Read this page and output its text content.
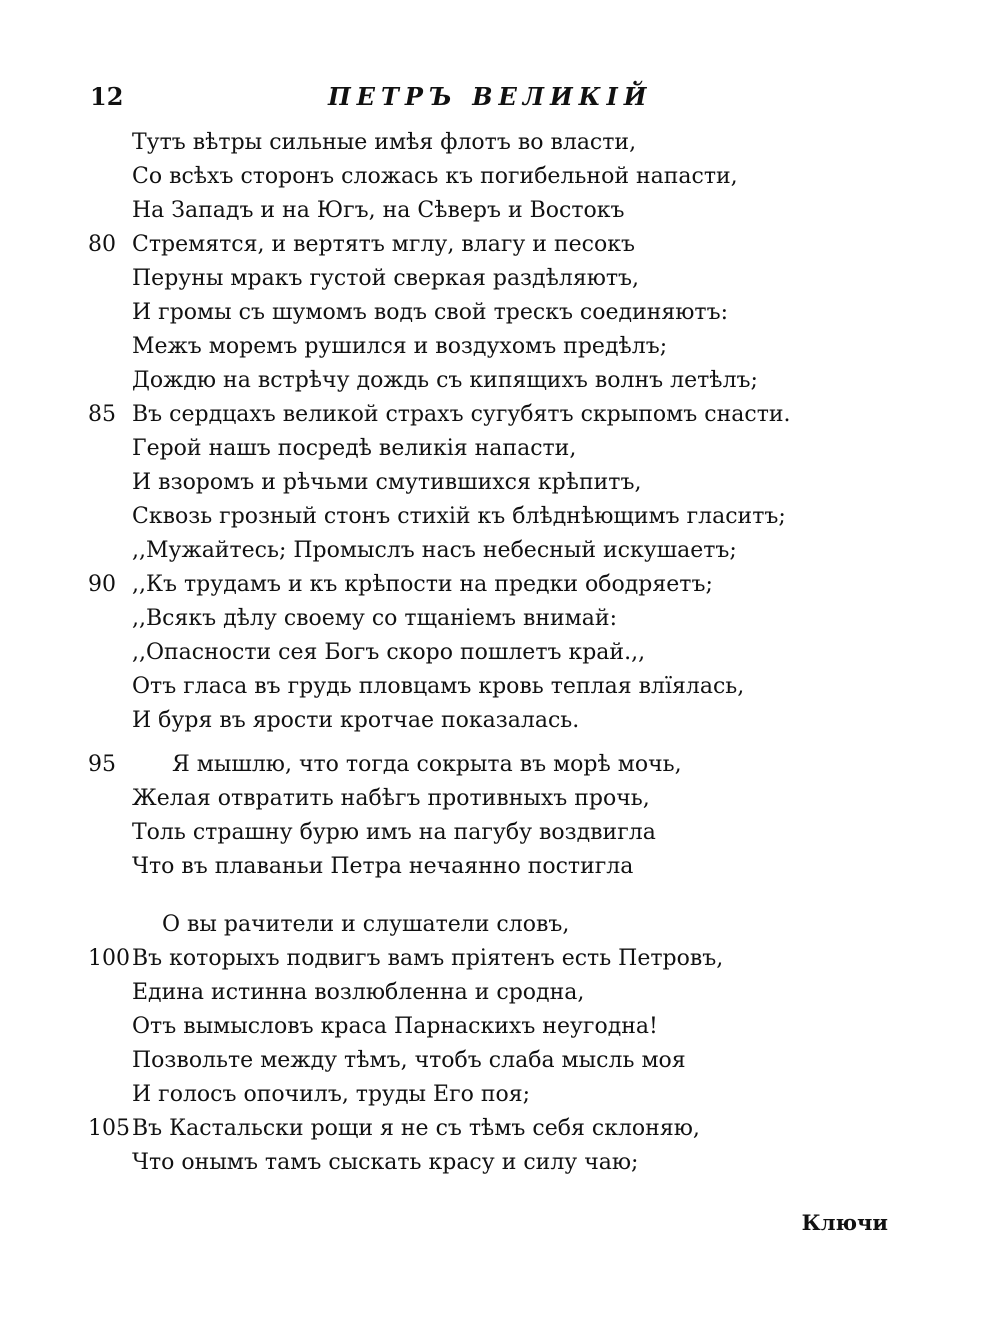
12	ПЕТРЪ ВЕЛИКІЙ
Тутъ вѣтры сильные имѣя флотъ во власти,
Со всѣхъ сторонъ сложась къ погибельной напасти,
На Западъ и на Югъ, на Сѣверъ и Востокъ
80 Стремятся, и вертятъ мглу, влагу и песокъ
Перуны мракъ густой сверкая раздѣляютъ,
И громы съ шумомъ водъ свой трескъ соединяютъ:
Межъ моремъ рушился и воздухомъ предѣлъ;
Дождю на встрѣчу дождь съ кипящихъ волнъ летѣлъ;
85 Въ сердцахъ великой страхъ сугубятъ скрыпомъ снасти.
Герой нашъ посредѣ великія напасти,
И взоромъ и рѣчьми смутившихся крѣпитъ,
Сквозь грозный стонъ стихій къ блѣднѣющимъ гласитъ;
,,Мужайтесь; Промыслъ насъ небесный искушаетъ;
90 ,,Къ трудамъ и къ крѣпости на предки ободряетъ;
,,Всякъ дѣлу своему со тщаніемъ внимай:
,,Опасности сея Богъ скоро пошлетъ край.,,
Отъ гласа въ грудь пловцамъ кровь теплая влїялась,
И буря въ ярости кротчае показалась.
95	Я мышлю, что тогда сокрыта въ морѣ мочь,
Желая отвратить набѣгъ противныхъ прочь,
Толь страшну бурю имъ на пагубу воздвигла
Что въ плаваньи Петра нечаянно постигла
О вы рачители и слушатели словъ,
100 Въ которыхъ подвигъ вамъ пріятенъ есть Петровъ,
Едина истинна возлюбленна и сродна,
Отъ вымысловъ краса Парнаскихъ неугодна!
Позвольте между тѣмъ, чтобъ слаба мысль моя
И голосъ опочилъ, труды Его поя;
105 Въ Кастальски рощи я не съ тѣмъ себя склоняю,
Что онымъ тамъ сыскать красу и силу чаю;
Ключи
